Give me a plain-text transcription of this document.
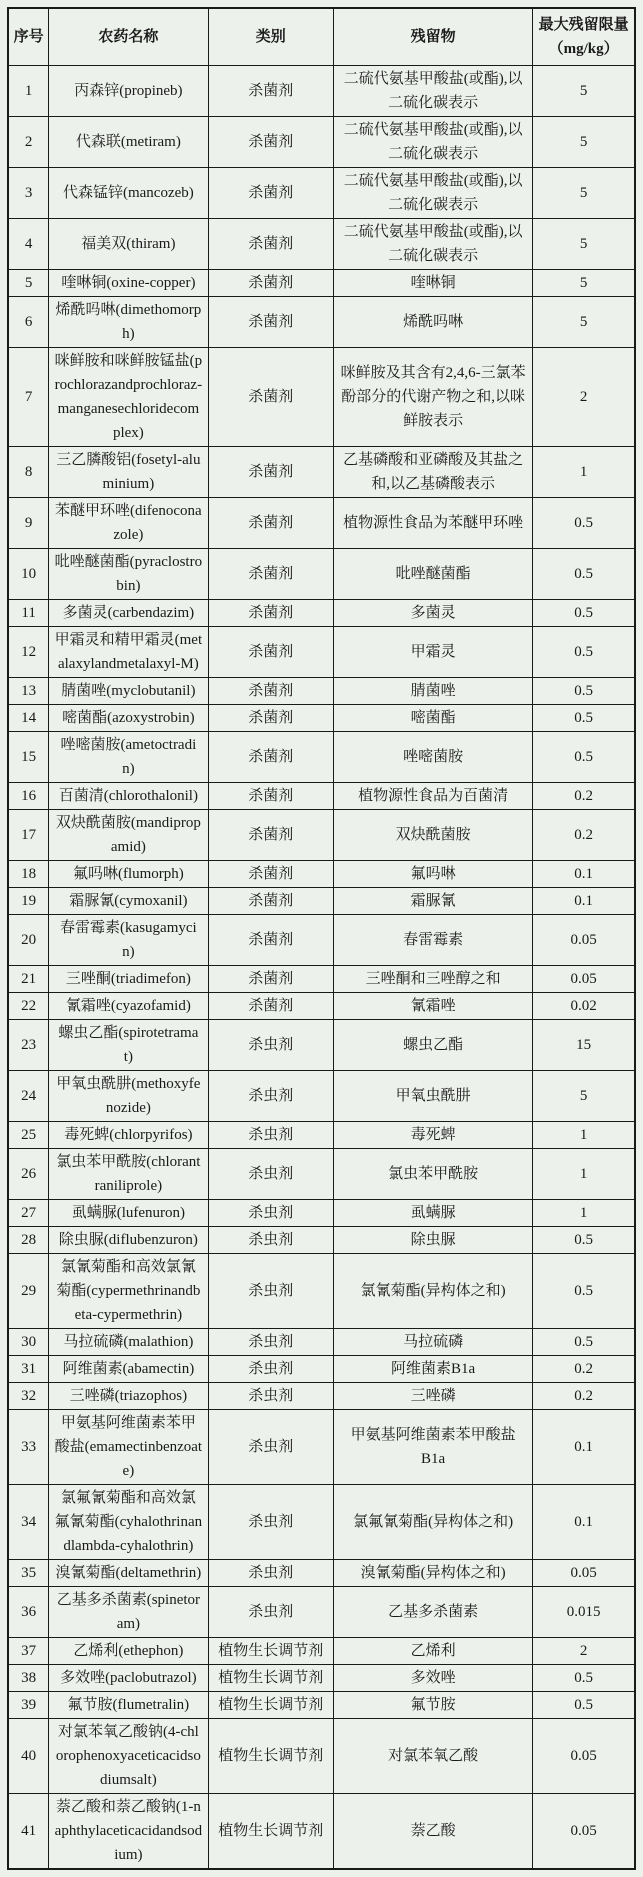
序号	农药名称	类别	残留物	最大残留限量
（mg/kg）
1	丙森锌(propineb)	杀菌剂	二硫代氨基甲酸盐(或酯),以二硫化碳表示	5
2	代森联(metiram)	杀菌剂	二硫代氨基甲酸盐(或酯),以二硫化碳表示	5
3	代森锰锌(mancozeb)	杀菌剂	二硫代氨基甲酸盐(或酯),以二硫化碳表示	5
4	福美双(thiram)	杀菌剂	二硫代氨基甲酸盐(或酯),以二硫化碳表示	5
5	喹啉铜(oxine-copper)	杀菌剂	喹啉铜	5
6	烯酰吗啉(dimethomorph)	杀菌剂	烯酰吗啉	5
7	咪鲜胺和咪鲜胺锰盐(prochlorazandprochloraz-manganesechloridecomplex)	杀菌剂	咪鲜胺及其含有2,4,6-三氯苯酚部分的代谢产物之和,以咪鲜胺表示	2
8	三乙膦酸铝(fosetyl-aluminium)	杀菌剂	乙基磷酸和亚磷酸及其盐之和,以乙基磷酸表示	1
9	苯醚甲环唑(difenoconazole)	杀菌剂	植物源性食品为苯醚甲环唑	0.5
10	吡唑醚菌酯(pyraclostrobin)	杀菌剂	吡唑醚菌酯	0.5
11	多菌灵(carbendazim)	杀菌剂	多菌灵	0.5
12	甲霜灵和精甲霜灵(metalaxylandmetalaxyl-M)	杀菌剂	甲霜灵	0.5
13	腈菌唑(myclobutanil)	杀菌剂	腈菌唑	0.5
14	嘧菌酯(azoxystrobin)	杀菌剂	嘧菌酯	0.5
15	唑嘧菌胺(ametoctradin)	杀菌剂	唑嘧菌胺	0.5
16	百菌清(chlorothalonil)	杀菌剂	植物源性食品为百菌清	0.2
17	双炔酰菌胺(mandipropamid)	杀菌剂	双炔酰菌胺	0.2
18	氟吗啉(flumorph)	杀菌剂	氟吗啉	0.1
19	霜脲氰(cymoxanil)	杀菌剂	霜脲氰	0.1
20	春雷霉素(kasugamycin)	杀菌剂	春雷霉素	0.05
21	三唑酮(triadimefon)	杀菌剂	三唑酮和三唑醇之和	0.05
22	氰霜唑(cyazofamid)	杀菌剂	氰霜唑	0.02
23	螺虫乙酯(spirotetramat)	杀虫剂	螺虫乙酯	15
24	甲氧虫酰肼(methoxyfenozide)	杀虫剂	甲氧虫酰肼	5
25	毒死蜱(chlorpyrifos)	杀虫剂	毒死蜱	1
26	氯虫苯甲酰胺(chlorantraniliprole)	杀虫剂	氯虫苯甲酰胺	1
27	虱螨脲(lufenuron)	杀虫剂	虱螨脲	1
28	除虫脲(diflubenzuron)	杀虫剂	除虫脲	0.5
29	氯氰菊酯和高效氯氰菊酯(cypermethrinandbeta-cypermethrin)	杀虫剂	氯氰菊酯(异构体之和)	0.5
30	马拉硫磷(malathion)	杀虫剂	马拉硫磷	0.5
31	阿维菌素(abamectin)	杀虫剂	阿维菌素B1a	0.2
32	三唑磷(triazophos)	杀虫剂	三唑磷	0.2
33	甲氨基阿维菌素苯甲酸盐(emamectinbenzoate)	杀虫剂	甲氨基阿维菌素苯甲酸盐 B1a	0.1
34	氯氟氰菊酯和高效氯氟氰菊酯(cyhalothrinandlambda-cyhalothrin)	杀虫剂	氯氟氰菊酯(异构体之和)	0.1
35	溴氰菊酯(deltamethrin)	杀虫剂	溴氰菊酯(异构体之和)	0.05
36	乙基多杀菌素(spinetoram)	杀虫剂	乙基多杀菌素	0.015
37	乙烯利(ethephon)	植物生长调节剂	乙烯利	2
38	多效唑(paclobutrazol)	植物生长调节剂	多效唑	0.5
39	氟节胺(flumetralin)	植物生长调节剂	氟节胺	0.5
40	对氯苯氧乙酸钠(4-chlorophenoxyaceticacidsodiumsalt)	植物生长调节剂	对氯苯氧乙酸	0.05
41	萘乙酸和萘乙酸钠(1-naphthylaceticacidandsodium)	植物生长调节剂	萘乙酸	0.05
